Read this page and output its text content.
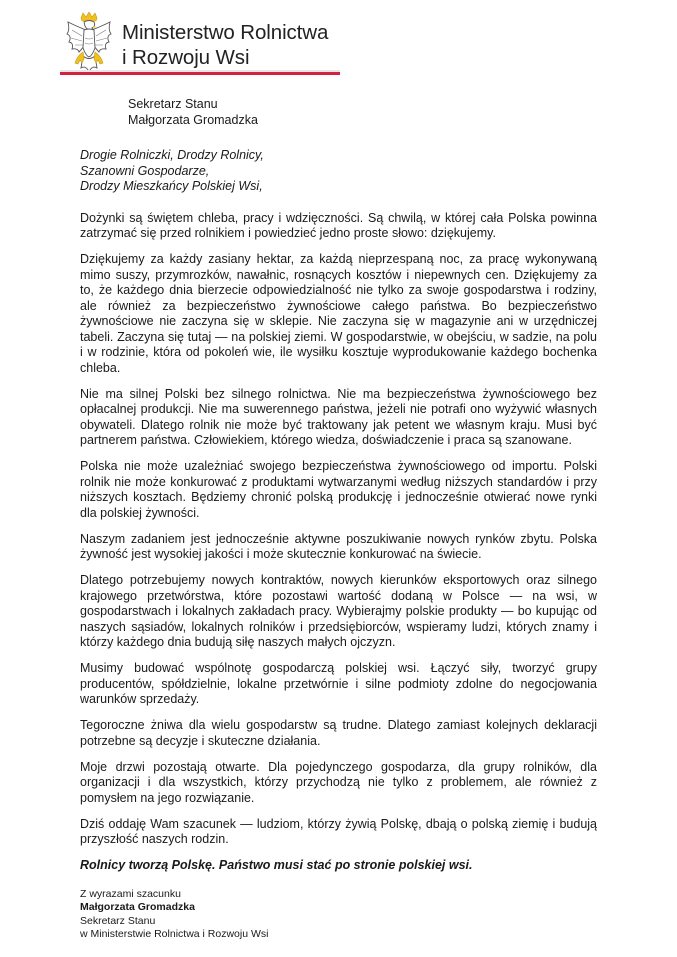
Ministerstwo Rolnictwa
i Rozwoju Wsi
Sekretarz Stanu
Małgorzata Gromadzka
Drogie Rolniczki, Drodzy Rolnicy,
Szanowni Gospodarze,
Drodzy Mieszkańcy Polskiej Wsi,

Dożynki są świętem chleba, pracy i wdzięczności. Są chwilą, w której cała Polska powinna zatrzymać się przed rolnikiem i powiedzieć jedno proste słowo: dziękujemy.

Dziękujemy za każdy zasiany hektar, za każdą nieprzespaną noc, za pracę wykonywaną mimo suszy, przymrozków, nawałnic, rosnących kosztów i niepewnych cen. Dziękujemy za to, że każdego dnia bierzecie odpowiedzialność nie tylko za swoje gospodarstwa i rodziny, ale również za bezpieczeństwo żywnościowe całego państwa. Bo bezpieczeństwo żywnościowe nie zaczyna się w sklepie. Nie zaczyna się w magazynie ani w urzędniczej tabeli. Zaczyna się tutaj — na polskiej ziemi. W gospodarstwie, w obejściu, w sadzie, na polu i w rodzinie, która od pokoleń wie, ile wysiłku kosztuje wyprodukowanie każdego bochenka chleba.

Nie ma silnej Polski bez silnego rolnictwa. Nie ma bezpieczeństwa żywnościowego bez opłacalnej produkcji. Nie ma suwerennego państwa, jeżeli nie potrafi ono wyżywić własnych obywateli. Dlatego rolnik nie może być traktowany jak petent we własnym kraju. Musi być partnerem państwa. Człowiekiem, którego wiedza, doświadczenie i praca są szanowane.

Polska nie może uzależniać swojego bezpieczeństwa żywnościowego od importu. Polski rolnik nie może konkurować z produktami wytwarzanymi według niższych standardów i przy niższych kosztach. Będziemy chronić polską produkcję i jednocześnie otwierać nowe rynki dla polskiej żywności.

Naszym zadaniem jest jednocześnie aktywne poszukiwanie nowych rynków zbytu. Polska żywność jest wysokiej jakości i może skutecznie konkurować na świecie.

Dlatego potrzebujemy nowych kontraktów, nowych kierunków eksportowych oraz silnego krajowego przetwórstwa, które pozostawi wartość dodaną w Polsce — na wsi, w gospodarstwach i lokalnych zakładach pracy. Wybierajmy polskie produkty — bo kupując od naszych sąsiadów, lokalnych rolników i przedsiębiorców, wspieramy ludzi, których znamy i którzy każdego dnia budują siłę naszych małych ojczyzn.

Musimy budować wspólnotę gospodarczą polskiej wsi. Łączyć siły, tworzyć grupy producentów, spółdzielnie, lokalne przetwórnie i silne podmioty zdolne do negocjowania warunków sprzedaży.

Tegoroczne żniwa dla wielu gospodarstw są trudne. Dlatego zamiast kolejnych deklaracji potrzebne są decyzje i skuteczne działania.

Moje drzwi pozostają otwarte. Dla pojedynczego gospodarza, dla grupy rolników, dla organizacji i dla wszystkich, którzy przychodzą nie tylko z problemem, ale również z pomysłem na jego rozwiązanie.

Dziś oddaję Wam szacunek — ludziom, którzy żywią Polskę, dbają o polską ziemię i budują przyszłość naszych rodzin.

Rolnicy tworzą Polskę. Państwo musi stać po stronie polskiej wsi.

Z wyrazami szacunku
Małgorzata Gromadzka
Sekretarz Stanu
w Ministerstwie Rolnictwa i Rozwoju Wsi
